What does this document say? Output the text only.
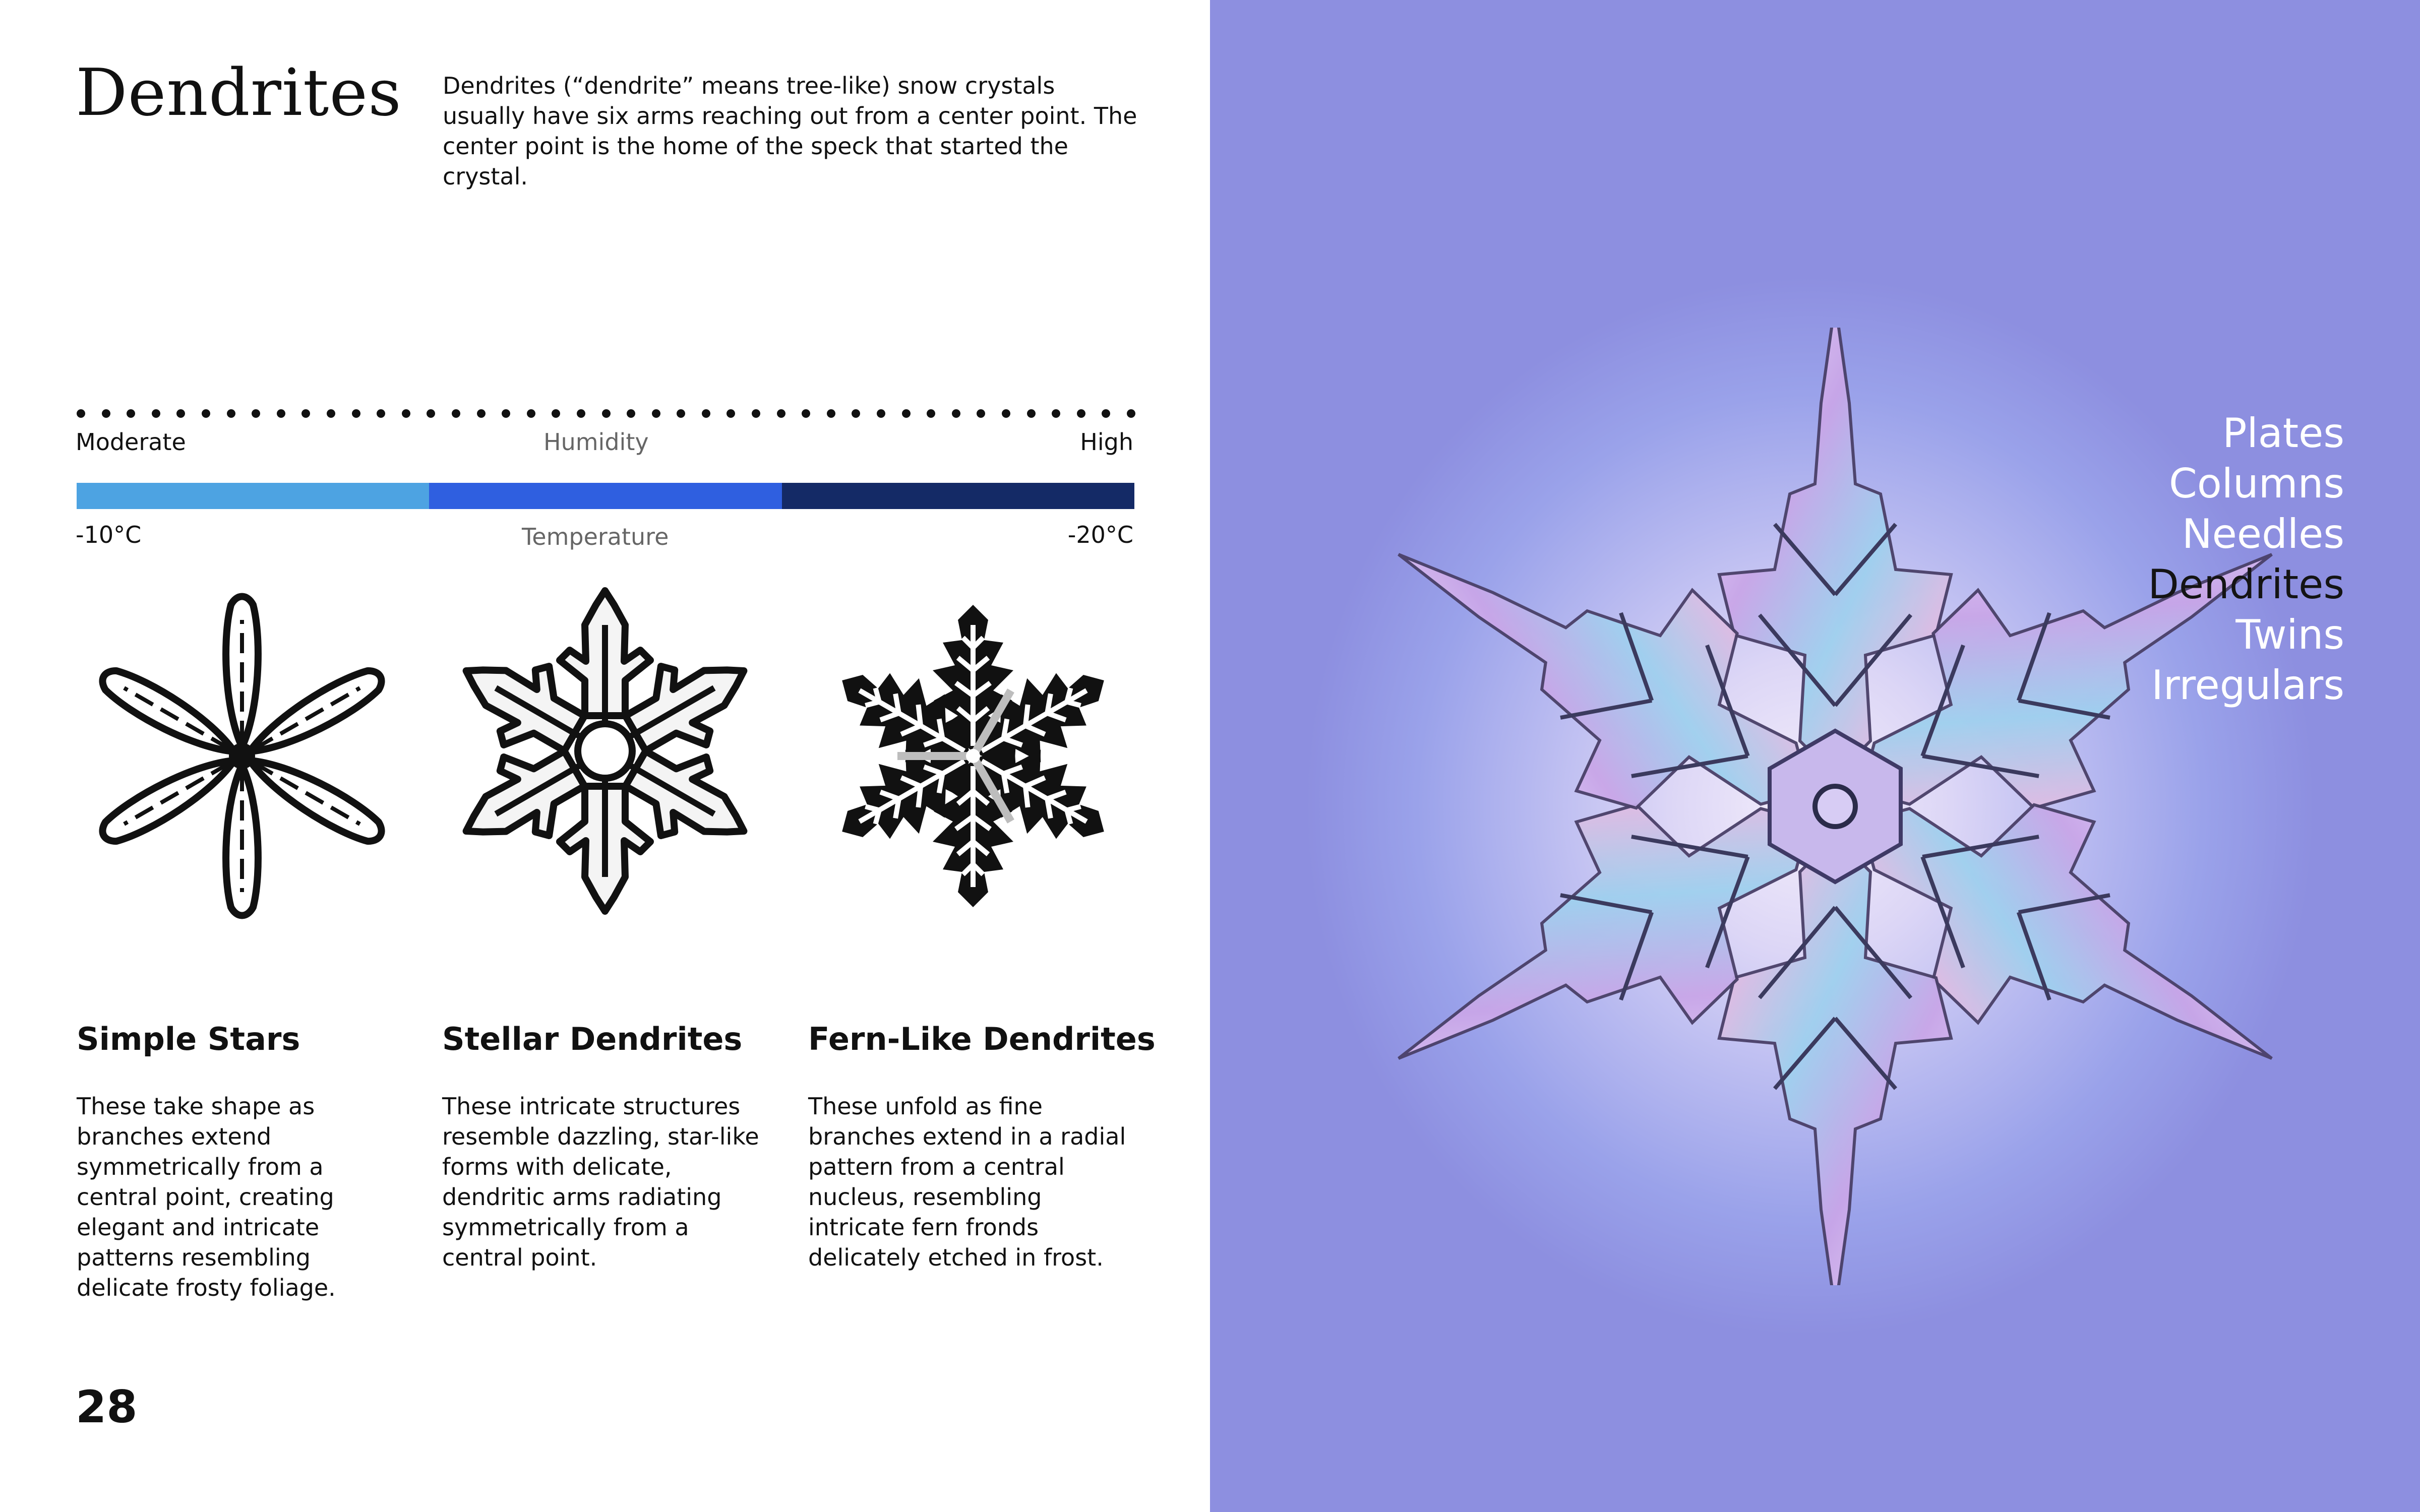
Dendrites Dendrites (“dendrite” means tree-like) snow crystals usually have six arms reaching out from a center point. The center point is the home of the speck that started the crystal.

Moderate	Humidity	High
-10°C	Temperature	-20°C
Simple Stars	Stellar Dendrites Fern-Like Dendrites

These take shape as branches extend symmetrically from a central point, creating elegant and intricate patterns resembling delicate frosty foliage.

These intricate structures resemble dazzling, star-like forms with delicate, dendritic arms radiating symmetrically from a central point.

These unfold as fine branches extend in a radial pattern from a central nucleus, resembling intricate fern fronds delicately etched in frost.

28
Plates
Columns
Needles
Dendrites
Twins
Irregulars
